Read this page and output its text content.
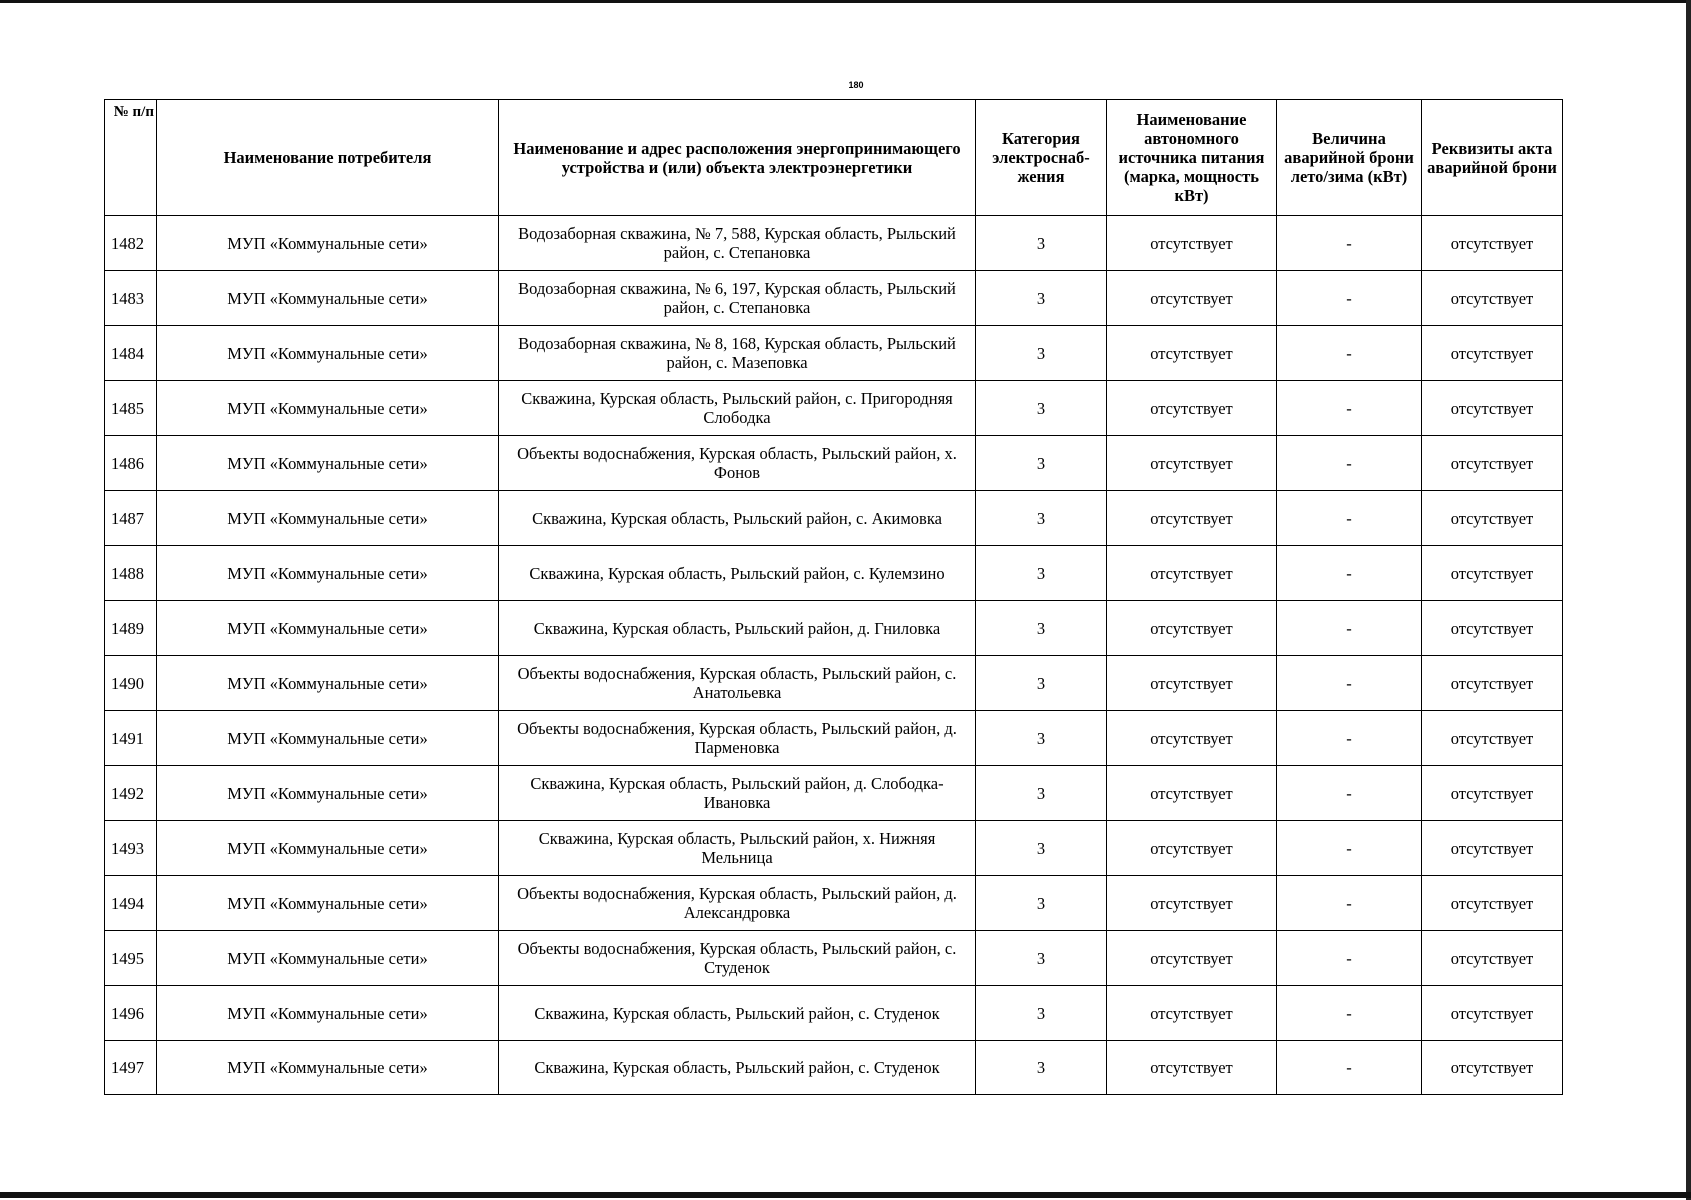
180
№ п/п	Наименование потребителя	Наименование и адрес расположения энергопринимающего устройства и (или) объекта электроэнергетики	Категория электроснаб-жения	Наименование автономного источника питания (марка, мощность кВт)	Величина аварийной брони лето/зима (кВт)	Реквизиты акта аварийной брони
1482	МУП «Коммунальные сети»	Водозаборная скважина, № 7, 588, Курская область, Рыльский район, с. Степановка	3	отсутствует	-	отсутствует
1483	МУП «Коммунальные сети»	Водозаборная скважина, № 6, 197, Курская область, Рыльский район, с. Степановка	3	отсутствует	-	отсутствует
1484	МУП «Коммунальные сети»	Водозаборная скважина, № 8, 168, Курская область, Рыльский район, с. Мазеповка	3	отсутствует	-	отсутствует
1485	МУП «Коммунальные сети»	Скважина, Курская область, Рыльский район, с. Пригородняя Слободка	3	отсутствует	-	отсутствует
1486	МУП «Коммунальные сети»	Объекты водоснабжения, Курская область, Рыльский район, х. Фонов	3	отсутствует	-	отсутствует
1487	МУП «Коммунальные сети»	Скважина, Курская область, Рыльский район, с. Акимовка	3	отсутствует	-	отсутствует
1488	МУП «Коммунальные сети»	Скважина, Курская область, Рыльский район, с. Кулемзино	3	отсутствует	-	отсутствует
1489	МУП «Коммунальные сети»	Скважина, Курская область, Рыльский район, д. Гниловка	3	отсутствует	-	отсутствует
1490	МУП «Коммунальные сети»	Объекты водоснабжения, Курская область, Рыльский район, с. Анатольевка	3	отсутствует	-	отсутствует
1491	МУП «Коммунальные сети»	Объекты водоснабжения, Курская область, Рыльский район, д. Парменовка	3	отсутствует	-	отсутствует
1492	МУП «Коммунальные сети»	Скважина, Курская область, Рыльский район, д. Слободка-Ивановка	3	отсутствует	-	отсутствует
1493	МУП «Коммунальные сети»	Скважина, Курская область, Рыльский район, х. Нижняя Мельница	3	отсутствует	-	отсутствует
1494	МУП «Коммунальные сети»	Объекты водоснабжения, Курская область, Рыльский район, д. Александровка	3	отсутствует	-	отсутствует
1495	МУП «Коммунальные сети»	Объекты водоснабжения, Курская область, Рыльский район, с. Студенок	3	отсутствует	-	отсутствует
1496	МУП «Коммунальные сети»	Скважина, Курская область, Рыльский район, с. Студенок	3	отсутствует	-	отсутствует
1497	МУП «Коммунальные сети»	Скважина, Курская область, Рыльский район, с. Студенок	3	отсутствует	-	отсутствует
